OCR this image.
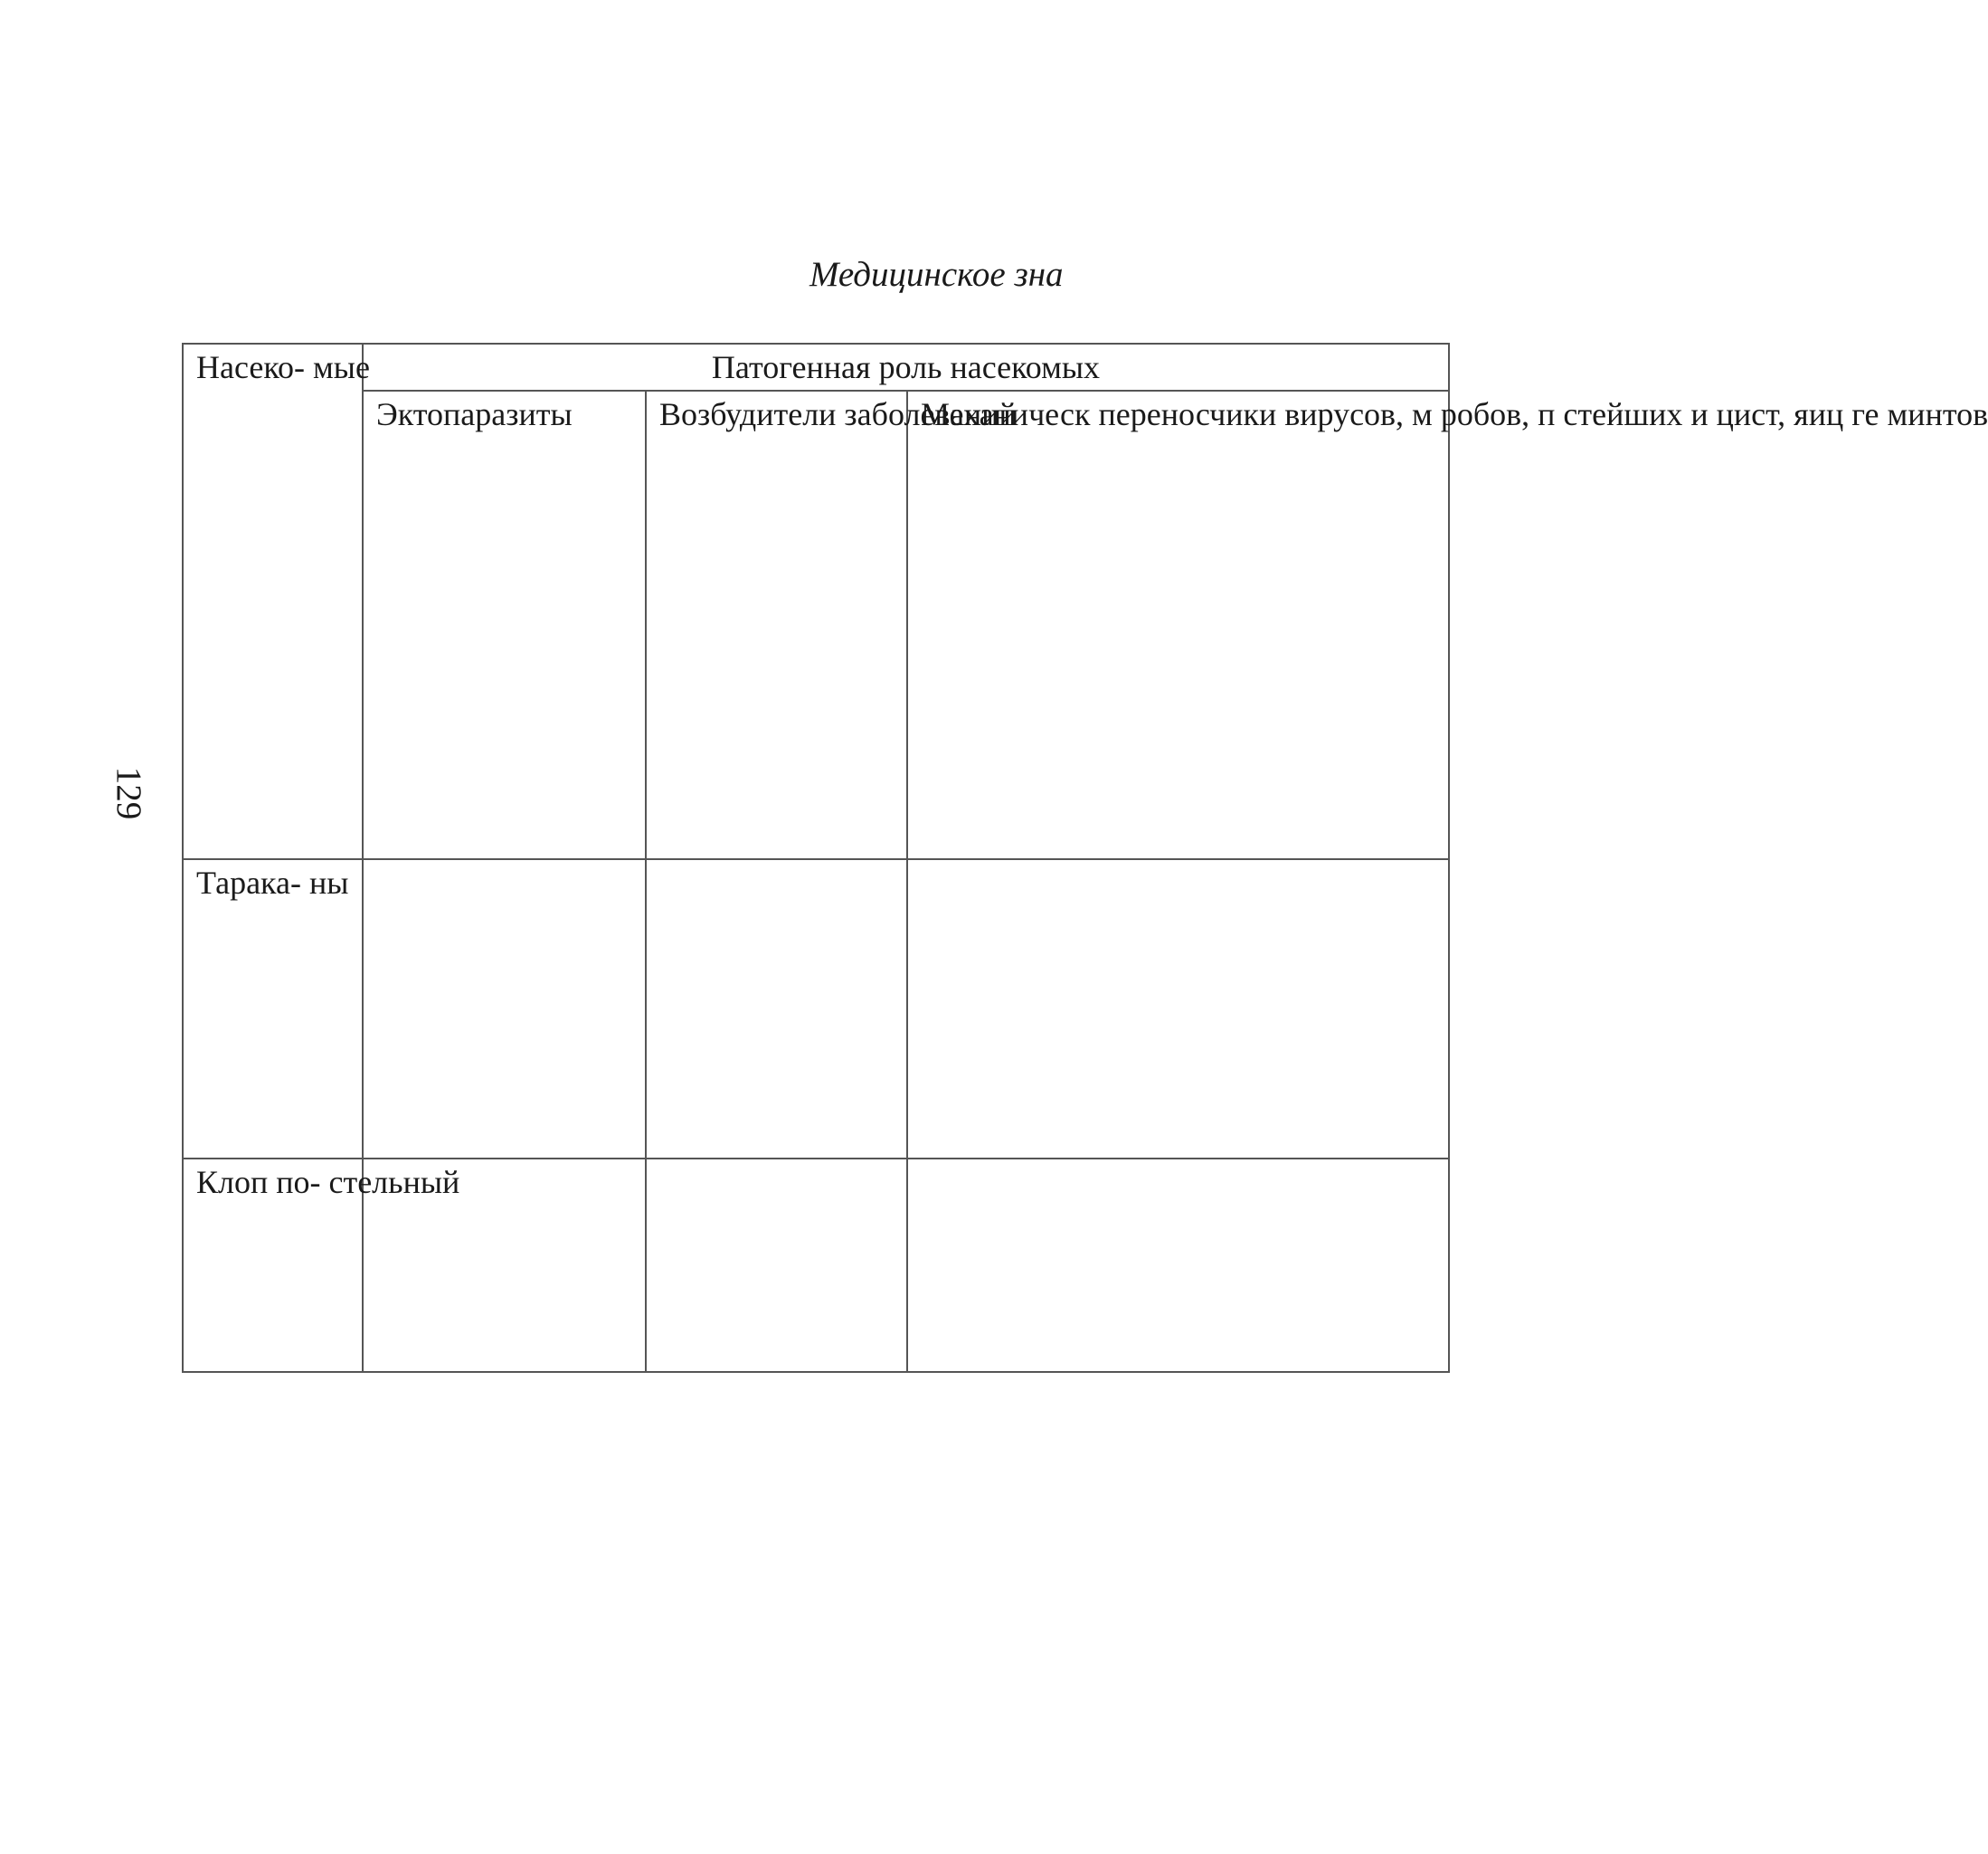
Медицинское зна
129
Насеко- мые	Патогенная роль насекомых		
	Эктопаразиты	Возбудители заболеваний	Механическ переносчики вирусов, м робов, п стейших и цист, яиц ге минтов
Тарака- ны			
Клоп по- стельный			
